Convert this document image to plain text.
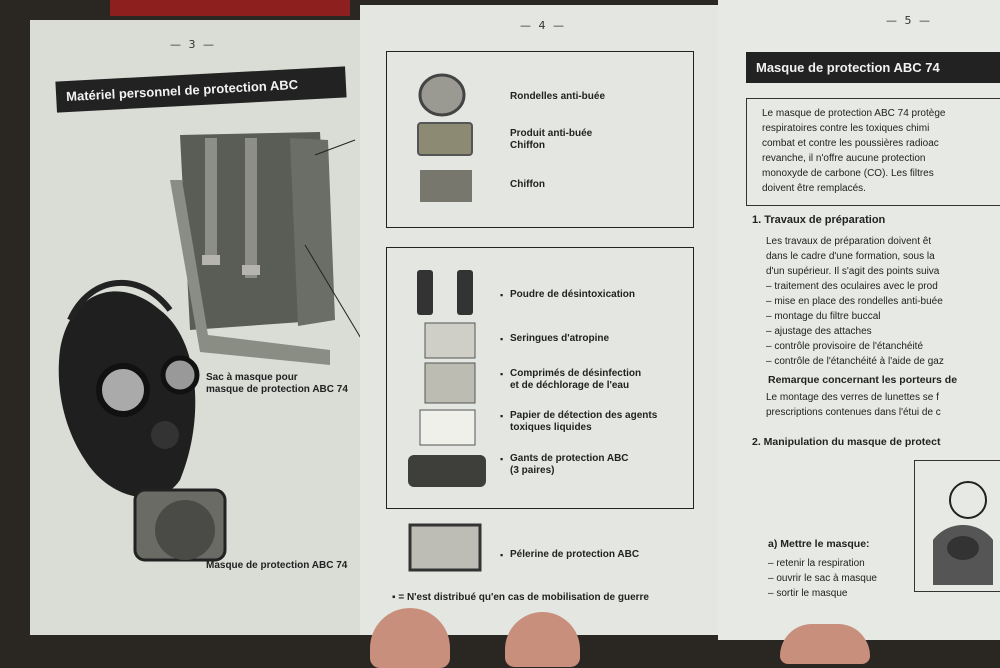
— 3 —
Matériel personnel de protection ABC
Sac à masque pour
masque de protection ABC 74
Masque de protection ABC 74
— 4 —
Rondelles anti-buée
Produit anti-buée
Chiffon
Chiffon
▪ Poudre de désintoxication
▪ Seringues d'atropine
▪ Comprimés de désinfection
et de déchlorage de l'eau
▪ Papier de détection des agents
toxiques liquides
▪ Gants de protection ABC
(3 paires)
▪ Pélerine de protection ABC
▪ = N'est distribué qu'en cas de mobilisation de guerre
— 5 —
Masque de protection ABC 74
Le masque de protection ABC 74 protège
respiratoires contre les toxiques chimi
combat et contre les poussières radioac
revanche, il n'offre aucune protection
monoxyde de carbone (CO). Les filtres
doivent être remplacés.
1. Travaux de préparation
Les travaux de préparation doivent êt
dans le cadre d'une formation, sous la
d'un supérieur. Il s'agit des points suiva
– traitement des oculaires avec le prod
– mise en place des rondelles anti-buée
– montage du filtre buccal
– ajustage des attaches
– contrôle provisoire de l'étanchéité
– contrôle de l'étanchéité à l'aide de gaz
Remarque concernant les porteurs de
Le montage des verres de lunettes se f
prescriptions contenues dans l'étui de c
2. Manipulation du masque de protect
a) Mettre le masque:
– retenir la respiration
– ouvrir le sac à masque
– sortir le masque
